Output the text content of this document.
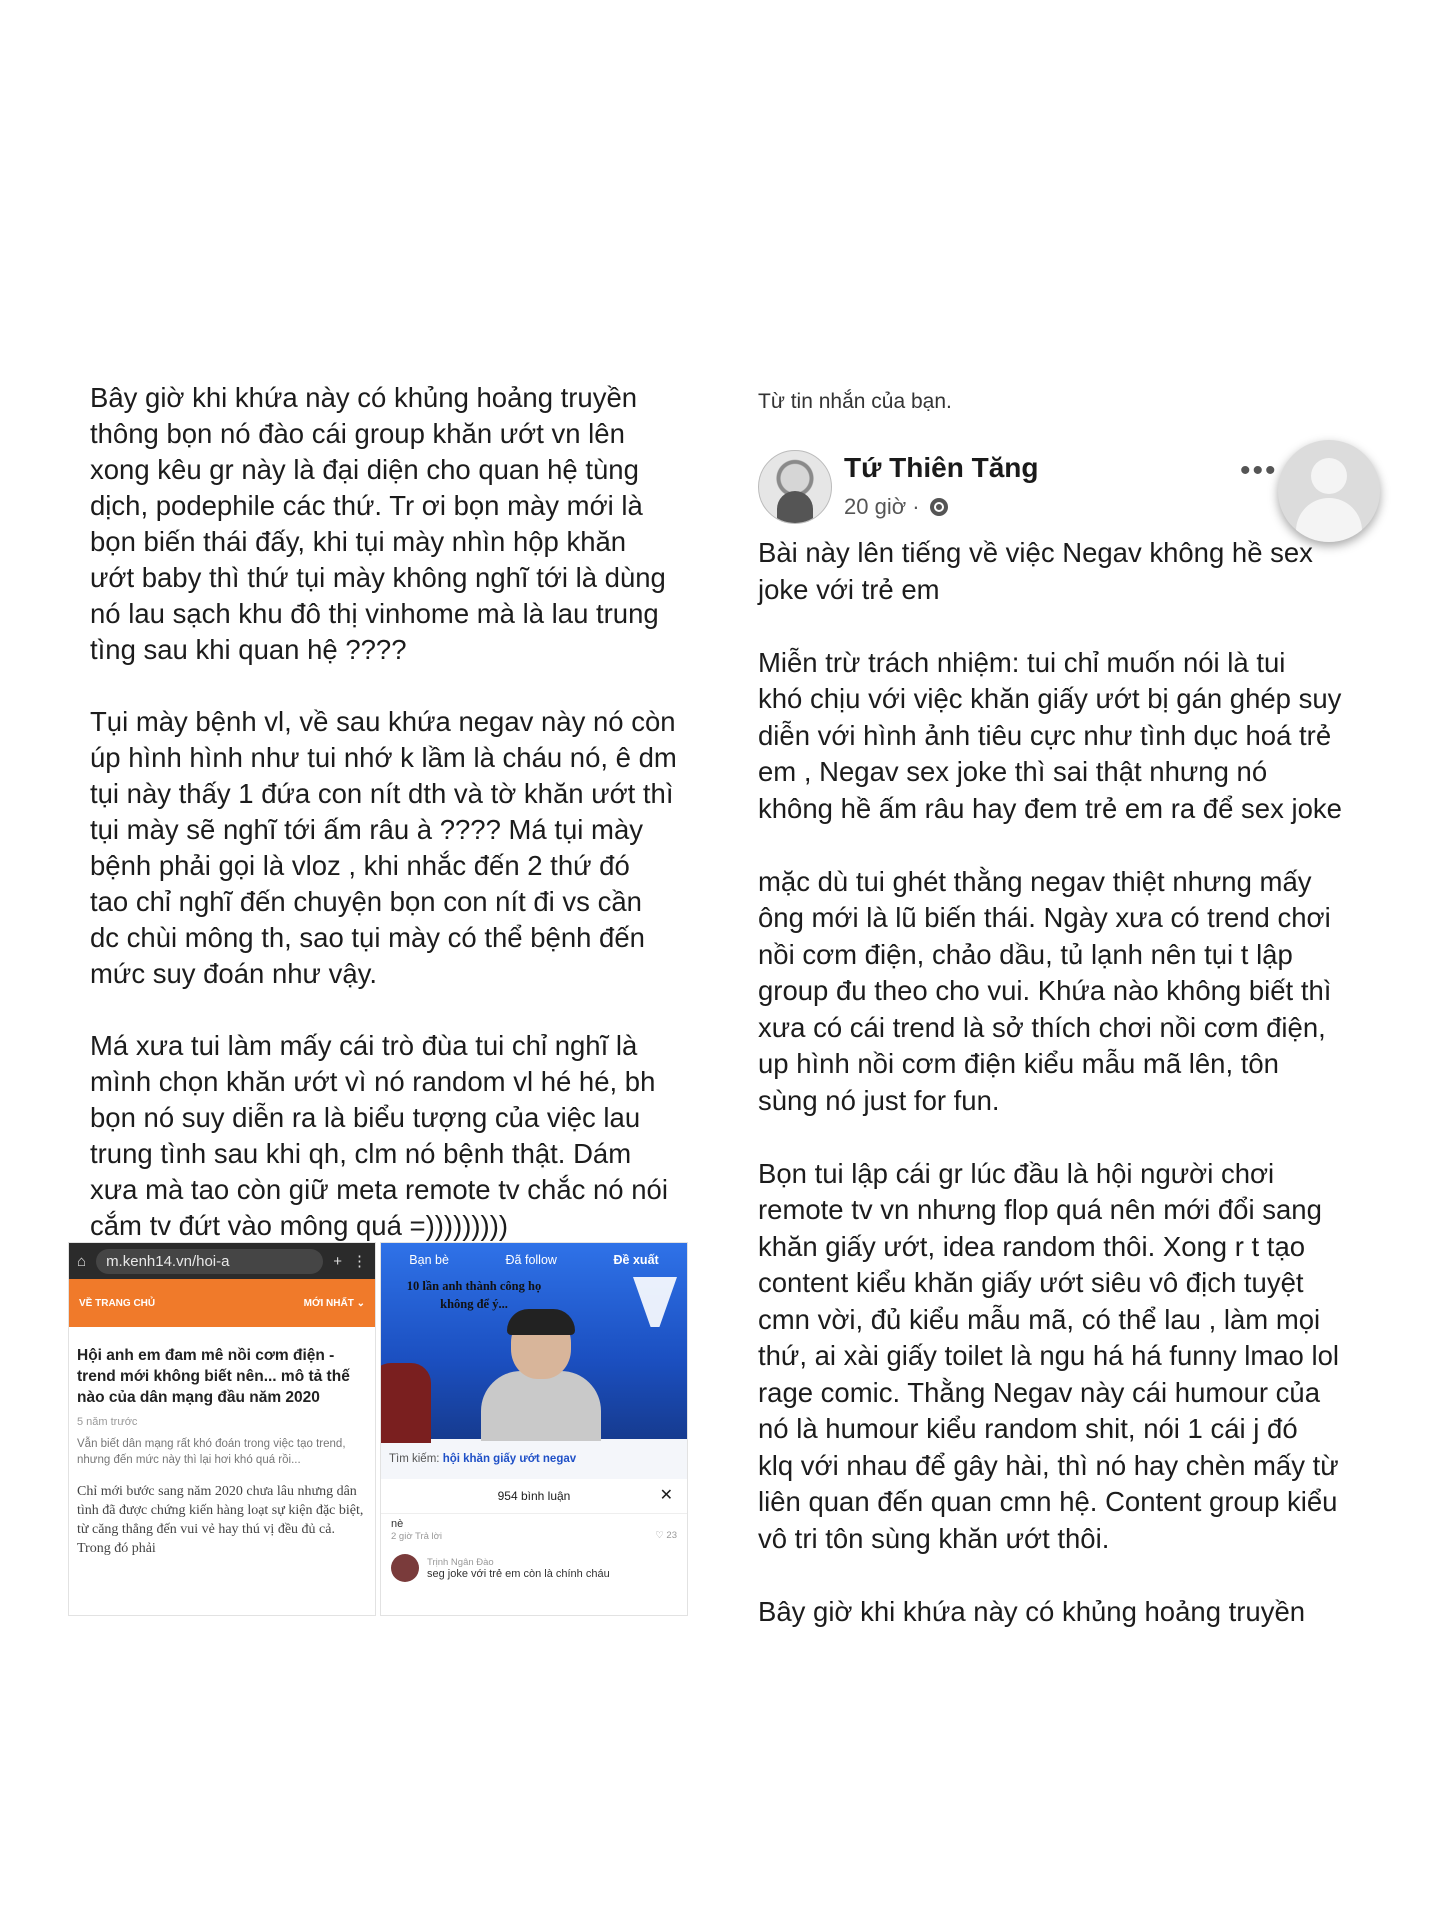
Bây giờ khi khứa này có khủng hoảng truyền
thông bọn nó đào cái group khăn ướt vn lên
xong kêu gr này là đại diện cho quan hệ tùng
dịch, podephile các thứ. Tr ơi bọn mày mới là
bọn biến thái đấy, khi tụi mày nhìn hộp khăn
ướt baby thì thứ tụi mày không nghĩ tới là dùng
nó lau sạch khu đô thị vinhome mà là lau trung
tìng sau khi quan hệ ????

Tụi mày bệnh vl, về sau khứa negav này nó còn
úp hình hình như tui nhớ k lầm là cháu nó, ê dm
tụi này thấy 1 đứa con nít dth và tờ khăn ướt thì
tụi mày sẽ nghĩ tới ấm râu à ???? Má tụi mày
bệnh phải gọi là vloz , khi nhắc đến 2 thứ đó
tao chỉ nghĩ đến chuyện bọn con nít đi vs cần
dc chùi mông th, sao tụi mày có thể bệnh đến
mức suy đoán như vậy.

Má xưa tui làm mấy cái trò đùa tui chỉ nghĩ là
mình chọn khăn ướt vì nó random vl hé hé, bh
bọn nó suy diễn ra là biểu tượng của việc lau
trung tình sau khi qh, clm nó bệnh thật. Dám
xưa mà tao còn giữ meta remote tv chắc nó nói
cắm tv đứt vào mông quá =)))))))))

⌂	m.kenh14.vn/hoi-a	+ ⋮
VỀ TRANG CHỦ	MỚI NHẤT ⌄
Hội anh em đam mê nồi cơm điện - trend mới không biết nên... mô tả thế nào của dân mạng đầu năm 2020
5 năm trước
Vẫn biết dân mạng rất khó đoán trong việc tạo trend, nhưng đến mức này thì lại hơi khó quá rồi...
Chỉ mới bước sang năm 2020 chưa lâu nhưng dân tình đã được chứng kiến hàng loạt sự kiện đặc biệt, từ căng thẳng đến vui vẻ hay thú vị đều đủ cả. Trong đó phải
Bạn bè	Đã follow	Đề xuất
10 lần anh thành công họ không để ý...
Tìm kiếm: hội khăn giấy ướt negav
954 bình luận	✕
nè
2 giờ Trả lời	♡ 23
Trịnh Ngân Đào
seg joke với trẻ em còn là chính cháu
Từ tin nhắn của bạn.
Tứ Thiên Tăng
20 giờ ·
•••

Bài này lên tiếng về việc Negav không hề sex
joke với trẻ em

Miễn trừ trách nhiệm: tui chỉ muốn nói là tui
khó chịu với việc khăn giấy ướt bị gán ghép suy
diễn với hình ảnh tiêu cực như tình dục hoá trẻ
em , Negav sex joke thì sai thật nhưng nó
không hề ấm râu hay đem trẻ em ra để sex joke

mặc dù tui ghét thằng negav thiệt nhưng mấy
ông mới là lũ biến thái. Ngày xưa có trend chơi
nồi cơm điện, chảo dầu, tủ lạnh nên tụi t lập
group đu theo cho vui. Khứa nào không biết thì
xưa có cái trend là sở thích chơi nồi cơm điện,
up hình nồi cơm điện kiểu mẫu mã lên, tôn
sùng nó just for fun.

Bọn tui lập cái gr lúc đầu là hội người chơi
remote tv vn nhưng flop quá nên mới đổi sang
khăn giấy ướt, idea random thôi. Xong r t tạo
content kiểu khăn giấy ướt siêu vô địch tuyệt
cmn vời, đủ kiểu mẫu mã, có thể lau , làm mọi
thứ, ai xài giấy toilet là ngu há há funny lmao lol
rage comic. Thằng Negav này cái humour của
nó là humour kiểu random shit, nói 1 cái j đó
klq với nhau để gây hài, thì nó hay chèn mấy từ
liên quan đến quan cmn hệ. Content group kiểu
vô tri tôn sùng khăn ướt thôi.

Bây giờ khi khứa này có khủng hoảng truyền
